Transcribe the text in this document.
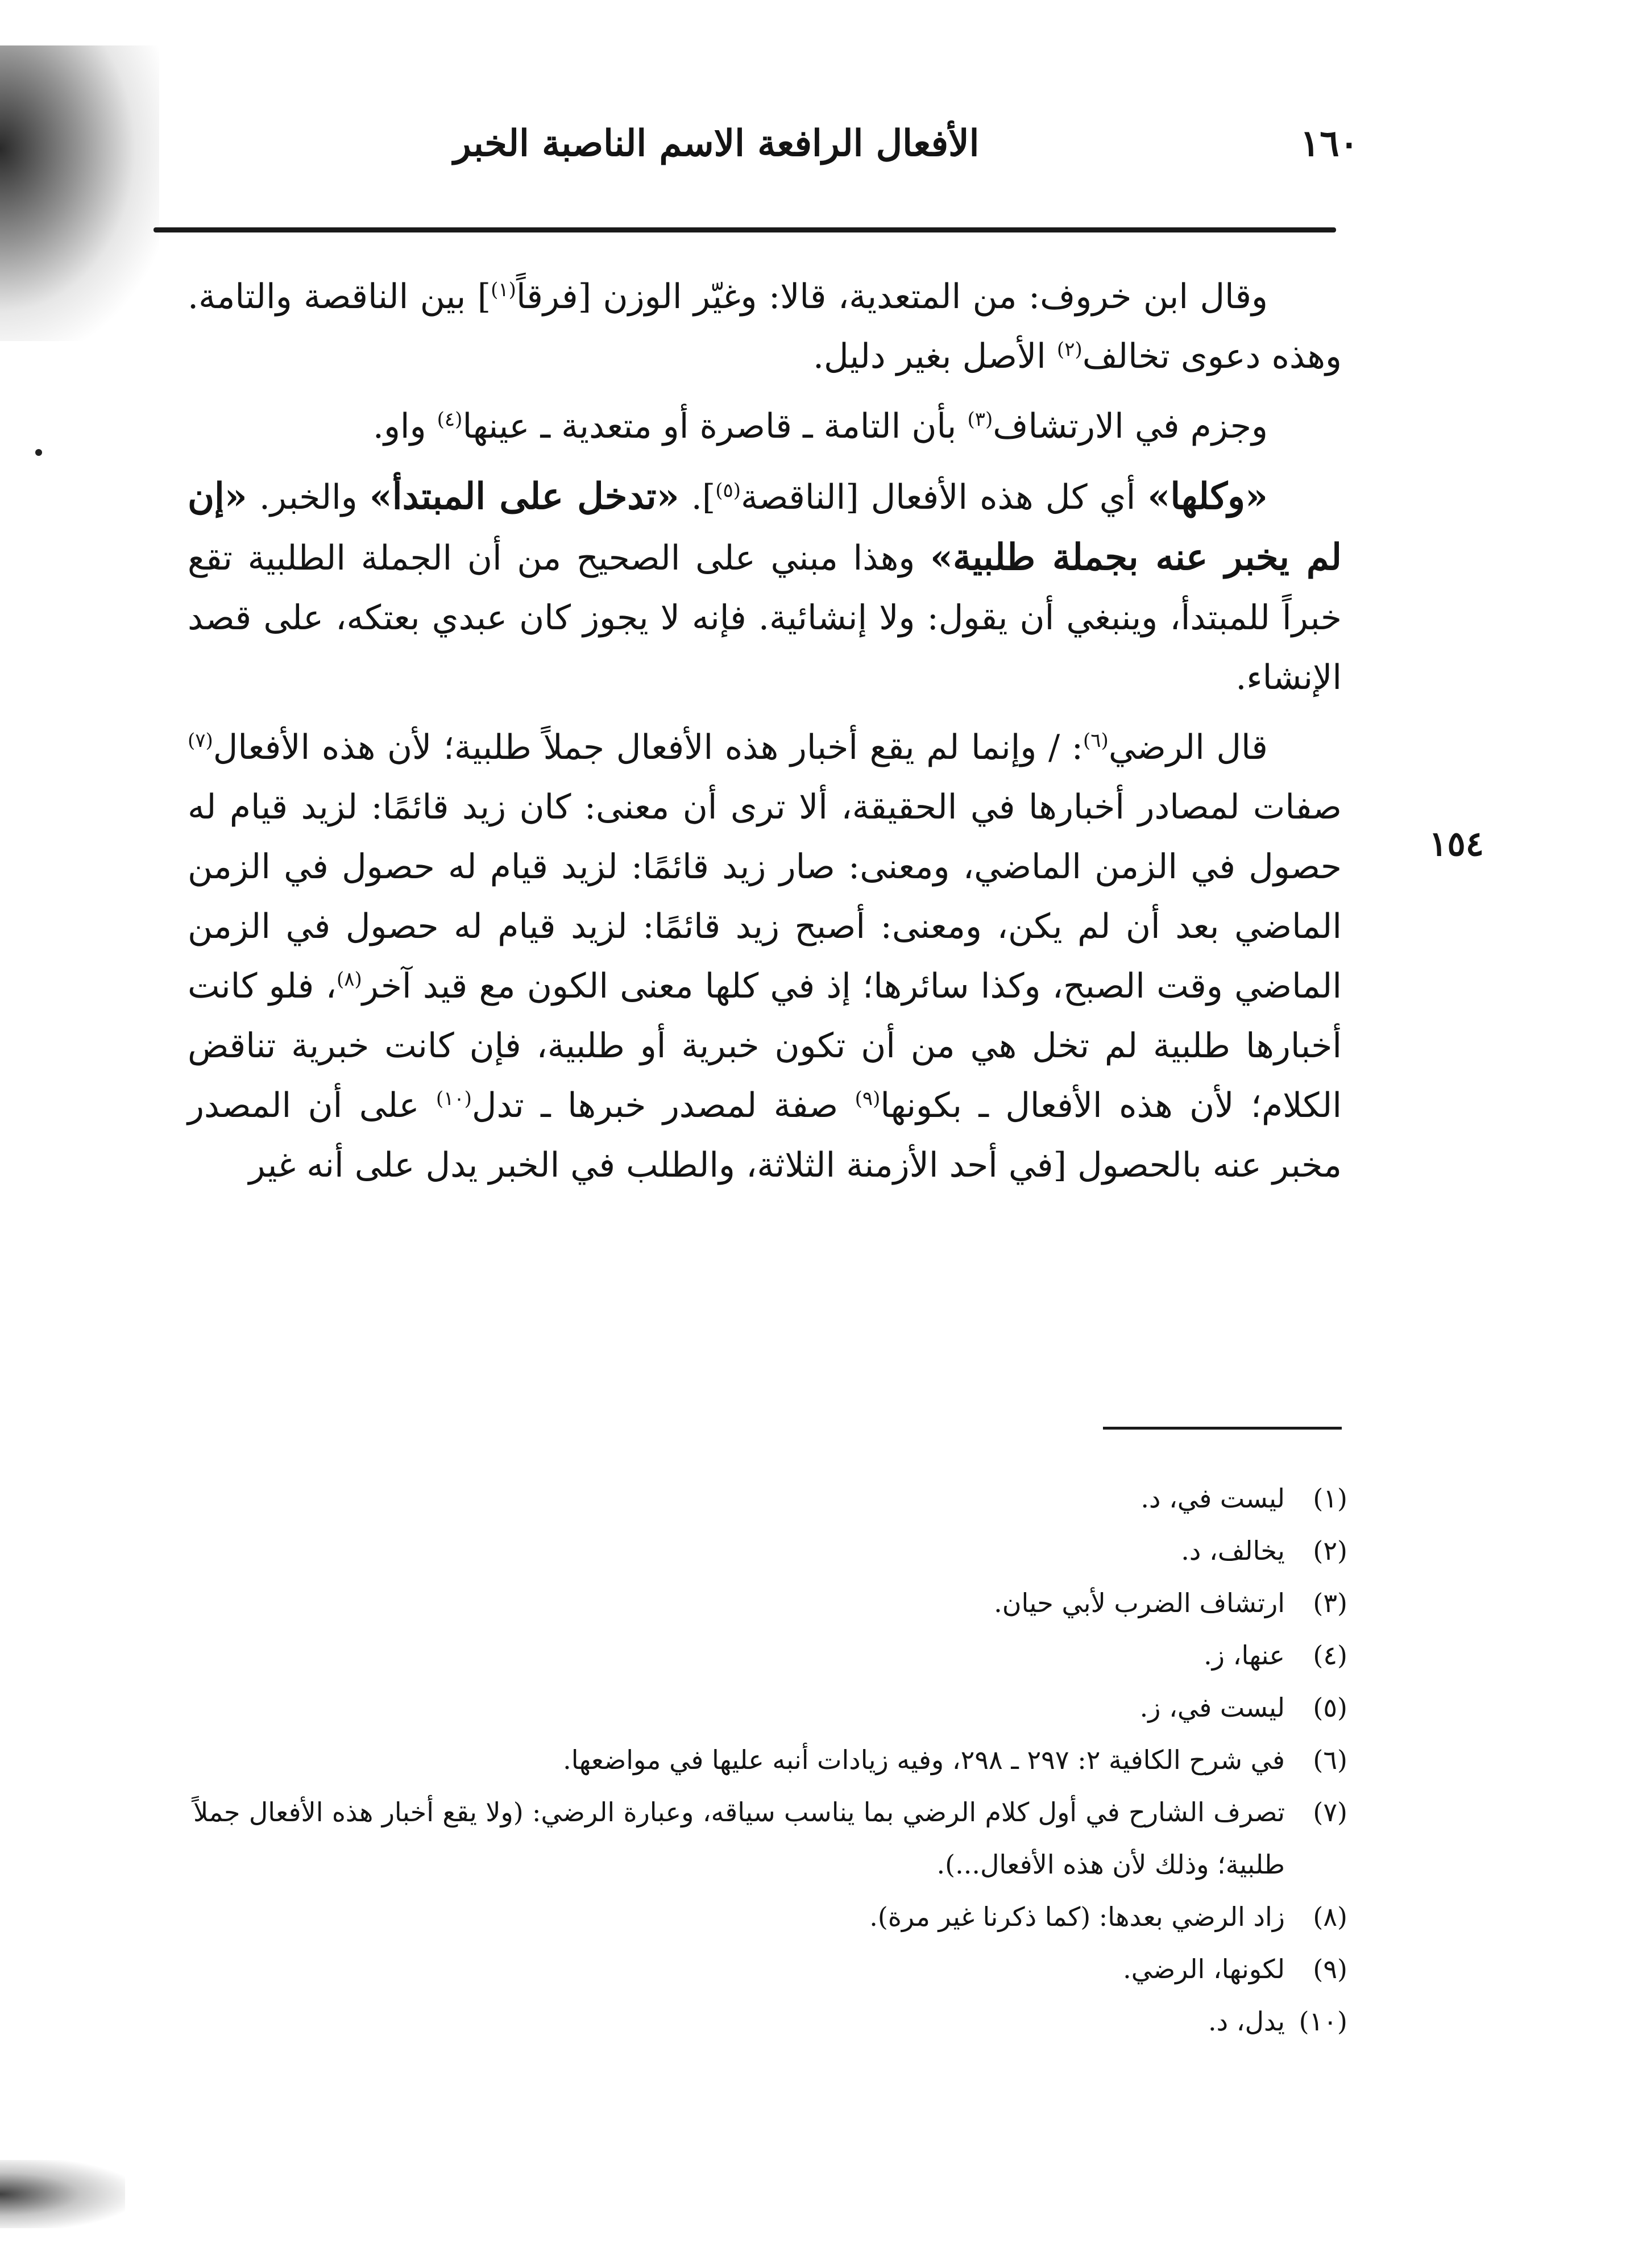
الأفعال الرافعة الاسم الناصبة الخبر	١٦٠
١٥٤

وقال ابن خروف: من المتعدية، قالا: وغيّر الوزن [فرقاً$^{(١)}$] بين الناقصة والتامة. وهذه دعوى تخالف$^{(٢)}$ الأصل بغير دليل.

وجزم في الارتشاف$^{(٣)}$ بأن التامة ـ قاصرة أو متعدية ـ عينها$^{(٤)}$ واو.

«وكلها» أي كل هذه الأفعال [الناقصة$^{(٥)}$]. «تدخل على المبتدأ» والخبر. «إن لم يخبر عنه بجملة طلبية» وهذا مبني على الصحيح من أن الجملة الطلبية تقع خبراً للمبتدأ، وينبغي أن يقول: ولا إنشائية. فإنه لا يجوز كان عبدي بعتكه، على قصد الإنشاء.

قال الرضي$^{(٦)}$: / وإنما لم يقع أخبار هذه الأفعال جملاً طلبية؛ لأن هذه الأفعال$^{(٧)}$ صفات لمصادر أخبارها في الحقيقة، ألا ترى أن معنى: كان زيد قائمًا: لزيد قيام له حصول في الزمن الماضي، ومعنى: صار زيد قائمًا: لزيد قيام له حصول في الزمن الماضي بعد أن لم يكن، ومعنى: أصبح زيد قائمًا: لزيد قيام له حصول في الزمن الماضي وقت الصبح، وكذا سائرها؛ إذ في كلها معنى الكون مع قيد آخر$^{(٨)}$، فلو كانت أخبارها طلبية لم تخل هي من أن تكون خبرية أو طلبية، فإن كانت خبرية تناقض الكلام؛ لأن هذه الأفعال ـ بكونها$^{(٩)}$ صفة لمصدر خبرها ـ تدل$^{(١٠)}$ على أن المصدر مخبر عنه بالحصول [في أحد الأزمنة الثلاثة، والطلب في الخبر يدل على أنه غير

(١)
ليست في، د.
(٢)
يخالف، د.
(٣)
ارتشاف الضرب لأبي حيان.
(٤)
عنها، ز.
(٥)
ليست في، ز.
(٦)
في شرح الكافية ٢: ٢٩٧ ـ ٢٩٨، وفيه زيادات أنبه عليها في مواضعها.
(٧)
تصرف الشارح في أول كلام الرضي بما يناسب سياقه، وعبارة الرضي: (ولا يقع أخبار هذه الأفعال جملاً طلبية؛ وذلك لأن هذه الأفعال...).
(٨)
زاد الرضي بعدها: (كما ذكرنا غير مرة).
(٩)
لكونها، الرضي.
(١٠)
يدل، د.
